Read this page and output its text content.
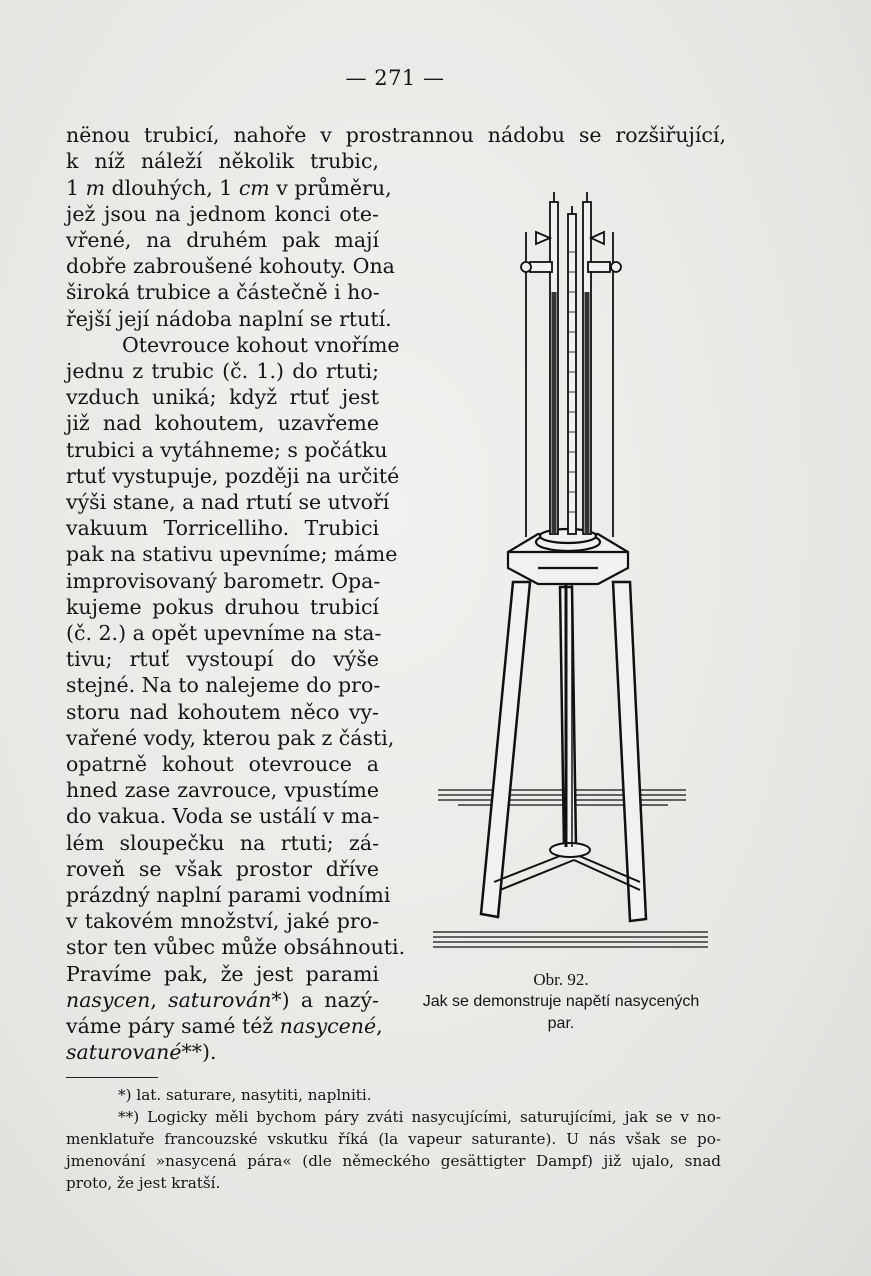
— 271 —
nënou trubicí, nahoře v prostrannou nádobu se rozšiřující,
k níž náleží několik trubic,
1 m dlouhých, 1 cm v průměru,
jež jsou na jednom konci ote-
vřené, na druhém pak mají
dobře zabroušené kohouty. Ona
široká trubice a částečně i ho-
řejší její nádoba naplní se rtutí.
Otevrouce kohout vnoříme
jednu z trubic (č. 1.) do rtuti;
vzduch uniká; když rtuť jest
již nad kohoutem, uzavřeme
trubici a vytáhneme; s počátku
rtuť vystupuje, později na určité
výši stane, a nad rtutí se utvoří
vakuum Torricelliho. Trubici
pak na stativu upevníme; máme
improvisovaný barometr. Opa-
kujeme pokus druhou trubicí
(č. 2.) a opět upevníme na sta-
tivu; rtuť vystoupí do výše
stejné. Na to nalejeme do pro-
storu nad kohoutem něco vy-
vařené vody, kterou pak z části,
opatrně kohout otevrouce a
hned zase zavrouce, vpustíme
do vakua. Voda se ustálí v ma-
lém sloupečku na rtuti; zá-
roveň se však prostor dříve
prázdný naplní parami vodními
v takovém množství, jaké pro-
stor ten vůbec může obsáhnouti.
Pravíme pak, že jest parami
nasycen, saturován*) a nazý-
váme páry samé též nasycené,
saturované**).
Obr. 92.
Jak se demonstruje napětí nasycených
par.
*) lat. saturare, nasytiti, naplniti.
**) Logicky měli bychom páry zváti nasycujícími, saturujícími, jak se v no-
menklatuře francouzské vskutku říká (la vapeur saturante). U nás však se po-
jmenování »nasycená pára« (dle německého gesättigter Dampf) již ujalo, snad
proto, že jest kratší.
